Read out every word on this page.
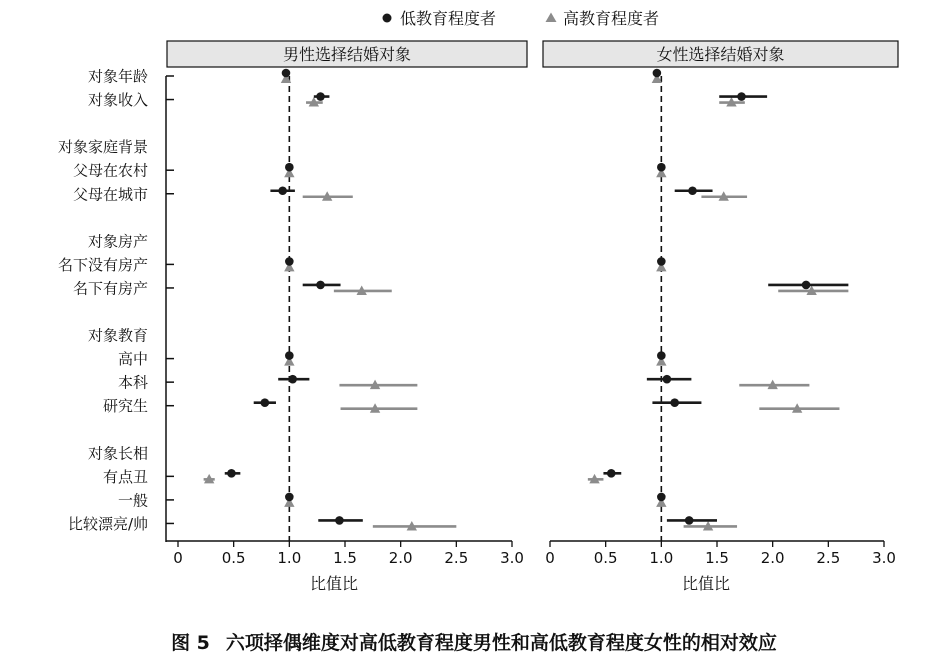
低教育程度者	高教育程度者
对象年龄
对象收入
对象家庭背景
父母在农村
父母在城市
对象房产
名下没有房产
名下有房产
对象教育
高中
本科
研究生
对象长相
有点丑
一般
比较漂亮/帅
男性选择结婚对象
0	0.5 1.0 1.5 2.0 2.5 3.0
比值比
女性选择结婚对象
0	0.5 1.0 1.5 2.0 2.5 3.0
比值比
图 5 六项择偶维度对高低教育程度男性和高低教育程度女性的相对效应
